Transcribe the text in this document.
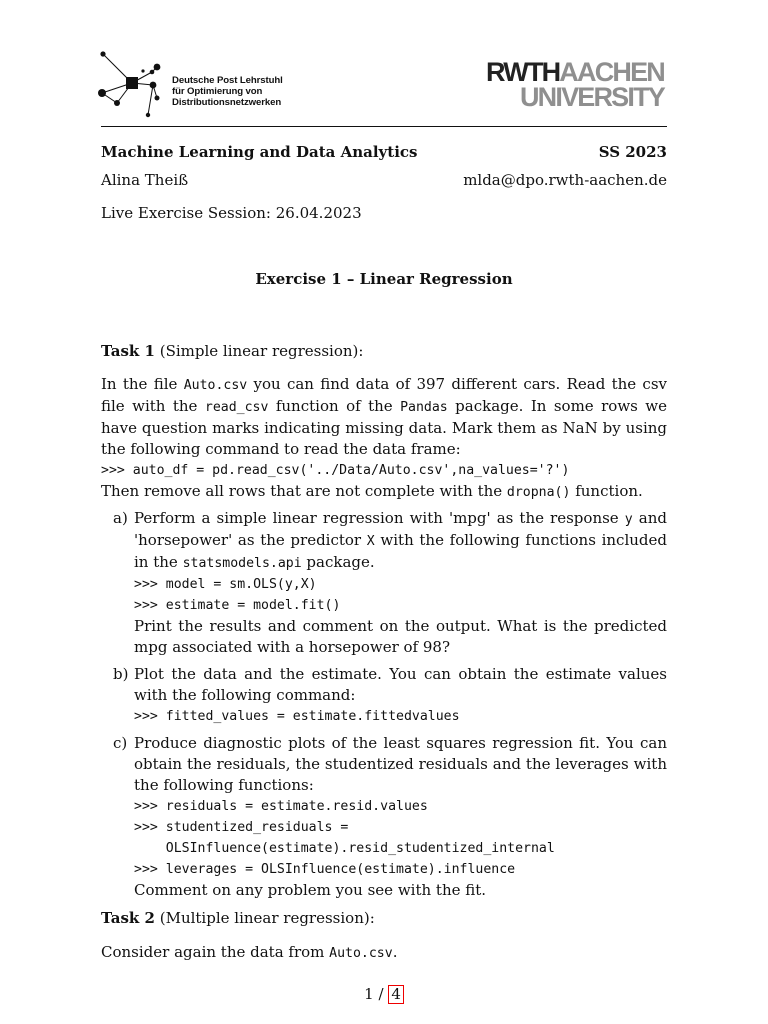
Deutsche Post Lehrstuhl
für Optimierung von
Distributionsnetzwerken
RWTHAACHEN
UNIVERSITY
Machine Learning and Data Analytics	SS 2023
Alina Theiß	mlda@dpo.rwth-aachen.de
Live Exercise Session: 26.04.2023
Exercise 1 – Linear Regression
Task 1 (Simple linear regression):
In the file Auto.csv you can find data of 397 different cars. Read the csv file with the read_csv function of the Pandas package. In some rows we have question marks indicating missing data. Mark them as NaN by using the following command to read the data frame:
>>> auto_df = pd.read_csv('../Data/Auto.csv',na_values='?')
Then remove all rows that are not complete with the dropna() function.
a) Perform a simple linear regression with 'mpg' as the response y and 'horsepower' as the predictor X with the following functions included in the statsmodels.api package.
>>> model = sm.OLS(y,X)
>>> estimate = model.fit()
Print the results and comment on the output. What is the predicted mpg associated with a horsepower of 98?
b) Plot the data and the estimate. You can obtain the estimate values with the following command:
>>> fitted_values = estimate.fittedvalues
c) Produce diagnostic plots of the least squares regression fit. You can obtain the residuals, the studentized residuals and the leverages with the following functions:
>>> residuals = estimate.resid.values
>>> studentized_residuals =
OLSInfluence(estimate).resid_studentized_internal
>>> leverages = OLSInfluence(estimate).influence
Comment on any problem you see with the fit.
Task 2 (Multiple linear regression):
Consider again the data from Auto.csv.
1 / 4
